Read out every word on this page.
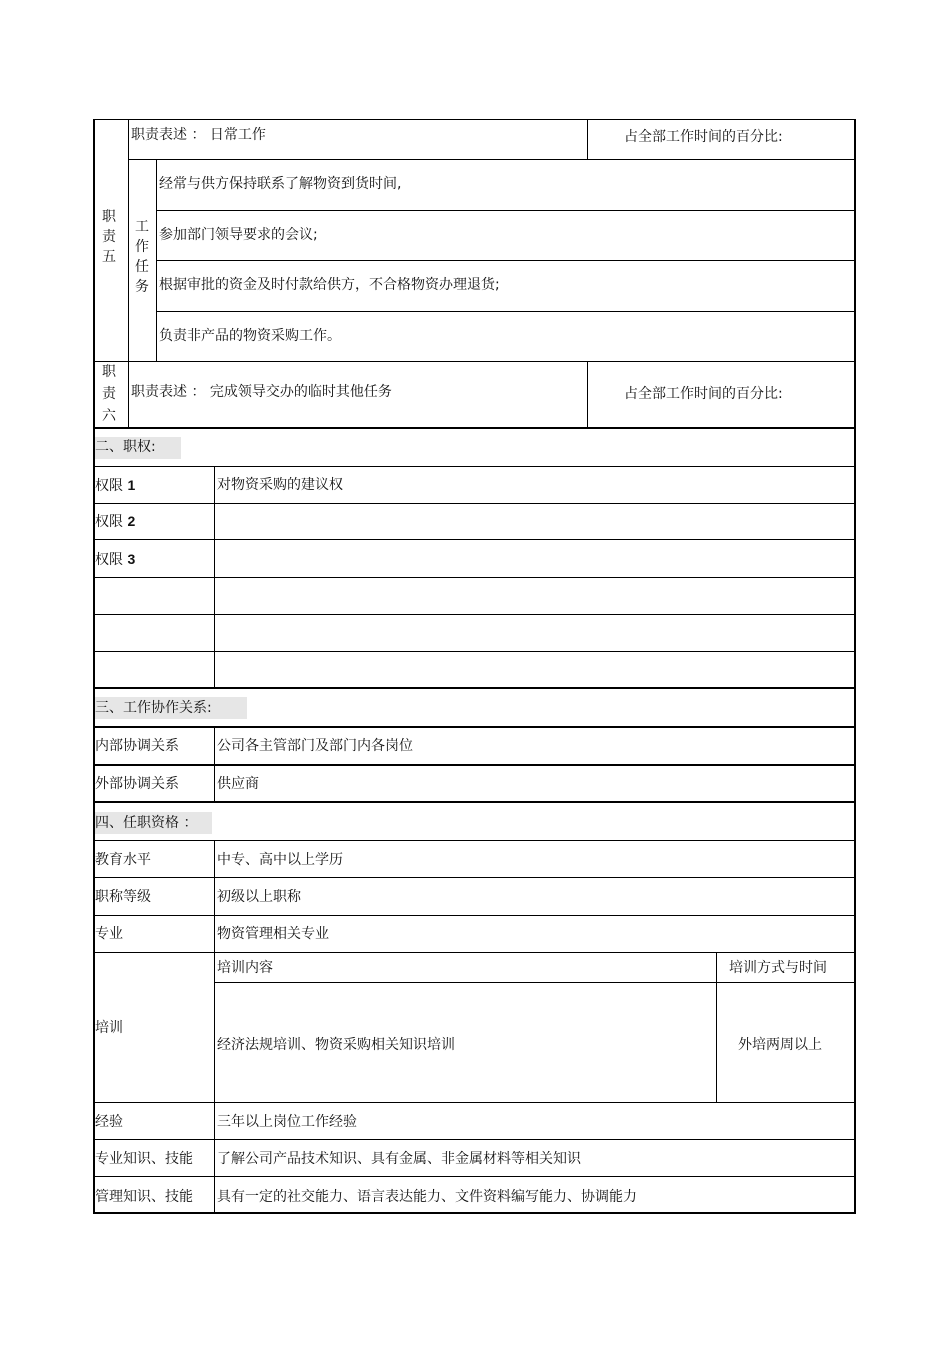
职
责
五
职责表述 ： 日常工作	占全部工作时间的百分比:
工
作
任
务
经常与供方保持联系了解物资到货时间,
参加部门领导要求的会议;
根据审批的资金及时付款给供方，不合格物资办理退货;
负责非产品的物资采购工作。
职
责
六
职责表述 ： 完成领导交办的临时其他任务	占全部工作时间的百分比:
二、职权:
权限 1	对物资采购的建议权
权限 2
权限 3
三、工作协作关系:
内部协调关系	公司各主管部门及部门内各岗位
外部协调关系	供应商
四、任职资格 ：
教育水平	中专、高中以上学历
职称等级	初级以上职称
专业	物资管理相关专业
培训
培训内容	培训方式与时间
经济法规培训、物资采购相关知识培训	外培两周以上
经验	三年以上岗位工作经验
专业知识、技能 了解公司产品技术知识、具有金属、非金属材料等相关知识
管理知识、技能 具有一定的社交能力、语言表达能力、文件资料编写能力、协调能力
